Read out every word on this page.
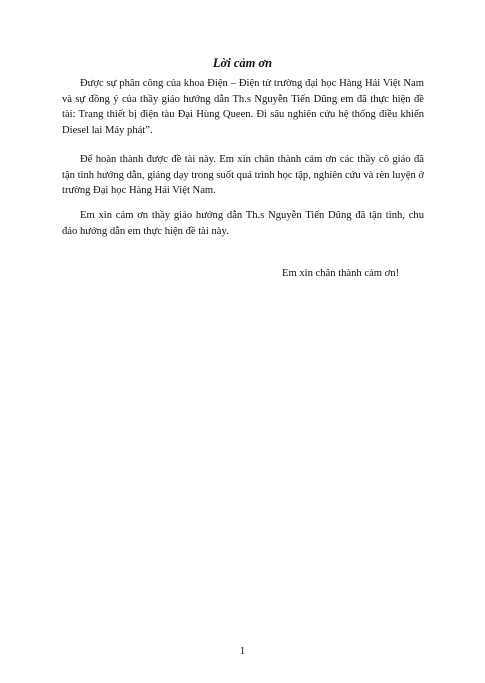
Lời cảm ơn

Được sự phân công của khoa Điện – Điện tử trường đại học Hàng Hải Việt Nam và sự đồng ý của thầy giáo hướng dẫn Th.s Nguyễn Tiến Dũng em đã thực hiện đề tài: Trang thiết bị điện tàu Đại Hùng Queen. Đi sâu nghiên cứu hệ thống điều khiển Diesel lai Máy phát”.

Để hoàn thành được đề tài này. Em xin chân thành cảm ơn các thầy cô giáo đã tận tình hướng dẫn, giảng dạy trong suốt quá trình học tập, nghiên cứu và rèn luyện ở trường Đại học Hàng Hải Việt Nam.

Em xin cảm ơn thầy giáo hướng dẫn Th.s Nguyễn Tiến Dũng đã tận tình, chu đáo hướng dẫn em thực hiện đề tài này.

Em xin chân thành cảm ơn!

1
